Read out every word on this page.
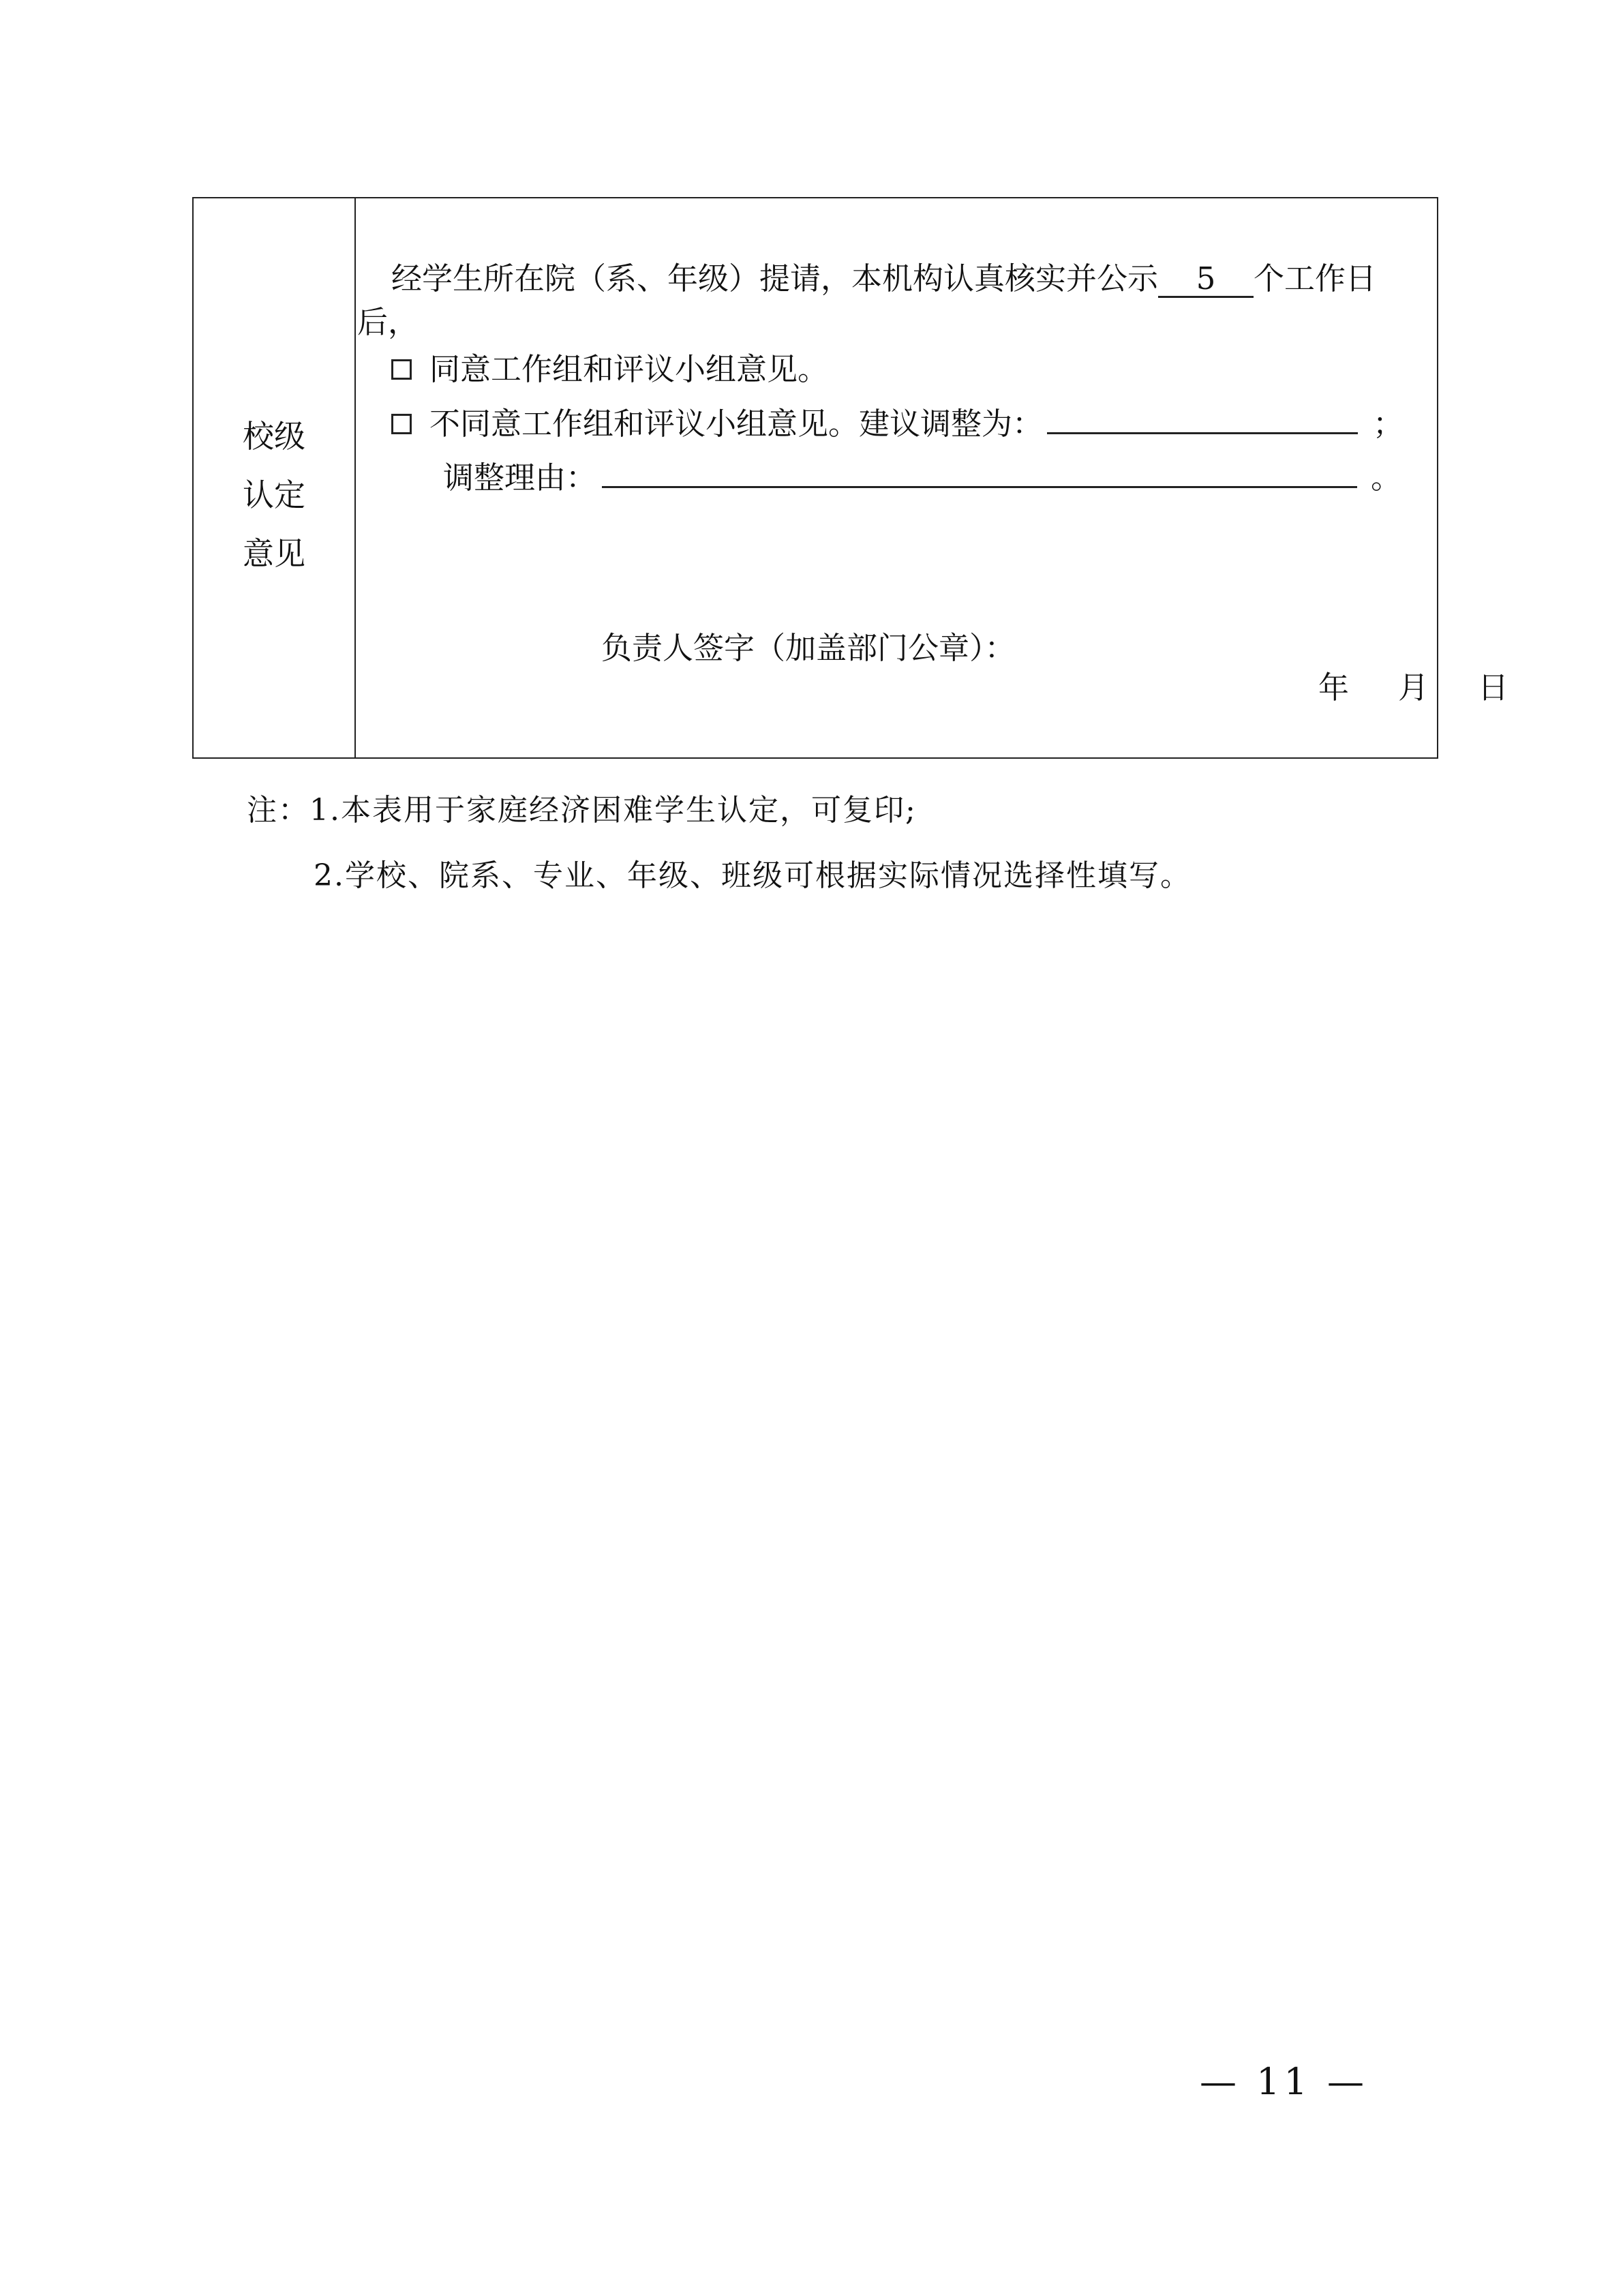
校级
认定
意见
经学生所在院（系、年级）提请，本机构认真核实并公示 5 个工作日
后，
同意工作组和评议小组意见。
不同意工作组和评议小组意见。建议调整为：	；
调整理由：	。
负责人签字（加盖部门公章）：
年 月 日
注：1.本表用于家庭经济困难学生认定，可复印;
2.学校、院系、专业、年级、班级可根据实际情况选择性填写。
— 11 —
